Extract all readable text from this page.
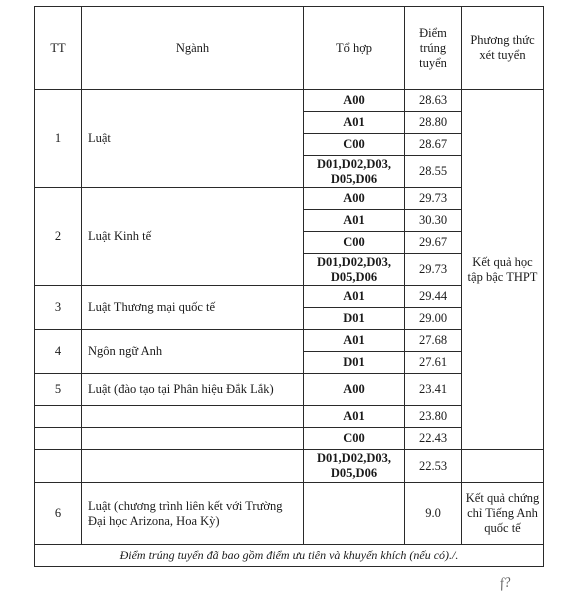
TT	Ngành	Tổ hợp	Điểm trúng tuyển	Phương thức xét tuyển
1	Luật	A00	28.63	Kết quả học tập bậc THPT
		A01	28.80	
		C00	28.67	
		D01,D02,D03, D05,D06	28.55	
2	Luật Kinh tế	A00	29.73	
		A01	30.30	
		C00	29.67	
		D01,D02,D03, D05,D06	29.73	
3	Luật Thương mại quốc tế	A01	29.44	
		D01	29.00	
4	Ngôn ngữ Anh	A01	27.68	
		D01	27.61	
5	Luật (đào tạo tại Phân hiệu Đắk Lắk)	A00	23.41	
		A01	23.80	
		C00	22.43	
		D01,D02,D03, D05,D06	22.53	
6	Luật (chương trình liên kết với Trường Đại học Arizona, Hoa Kỳ)		9.0	Kết quả chứng chỉ Tiếng Anh quốc tế
Điểm trúng tuyển đã bao gồm điểm ưu tiên và khuyến khích (nếu có)./.				
f?
